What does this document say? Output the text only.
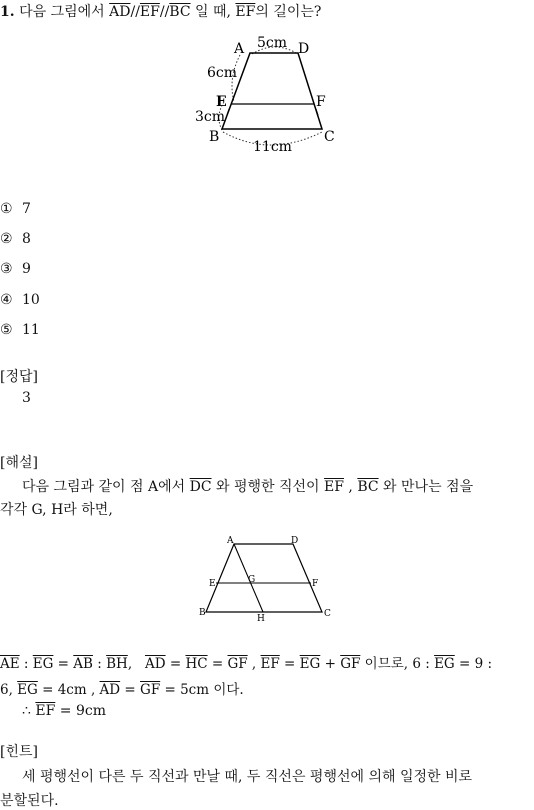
1. 다음 그림에서 $\overline{AD}//\overline{EF}//\overline{BC}$ 일 때, $\overline{EF}$의 길이는?
A	D
E	F
B	C
5cm
6cm
3cm
11cm
① 7
② 8
③ 9
④ 10
⑤ 11
[정답]
3
[해설]
다음 그림과 같이 점 A에서 $\overline{DC}$ 와 평행한 직선이 $\overline{EF}$ , $\overline{BC}$ 와 만나는 점을
각각 G, H라 하면,
A	D
E	G	F
B
H	C
$\overline{AE}$ : $\overline{EG} = \overline{AB}$ : $\overline{BH}$,   $\overline{AD} = \overline{HC} = \overline{GF}$ , $\overline{EF} = \overline{EG} + \overline{GF}$ 이므로, 6 : $\overline{EG} = 9$ :
6, $\overline{EG} = 4cm$ , $\overline{AD} = \overline{GF} = 5cm$ 이다.
∴ $\overline{EF} = 9cm$
[힌트]
세 평행선이 다른 두 직선과 만날 때, 두 직선은 평행선에 의해 일정한 비로
분할된다.
